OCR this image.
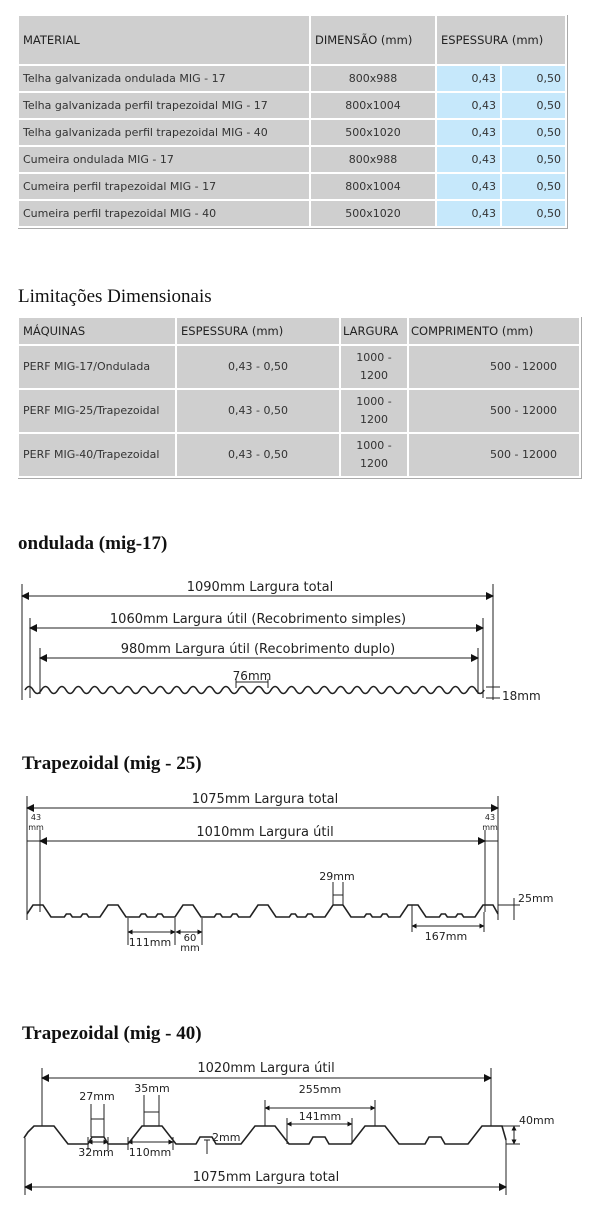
MATERIAL	DIMENSÃO (mm)	ESPESSURA (mm)	
Telha galvanizada ondulada MIG - 17	800x988	0,43	0,50
Telha galvanizada perfil trapezoidal MIG - 17	800x1004	0,43	0,50
Telha galvanizada perfil trapezoidal MIG - 40	500x1020	0,43	0,50
Cumeira ondulada MIG - 17	800x988	0,43	0,50
Cumeira perfil trapezoidal MIG - 17	800x1004	0,43	0,50
Cumeira perfil trapezoidal MIG - 40	500x1020	0,43	0,50
Limitações Dimensionais
MÁQUINAS	ESPESSURA (mm)	LARGURA	COMPRIMENTO (mm)
PERF MIG-17/Ondulada	0,43 - 0,50	1000 - 1200	500 - 12000
PERF MIG-25/Trapezoidal	0,43 - 0,50	1000 - 1200	500 - 12000
PERF MIG-40/Trapezoidal	0,43 - 0,50	1000 - 1200	500 - 12000
ondulada (mig-17)
Trapezoidal (mig - 25)
Trapezoidal (mig - 40)
1090mm Largura total
1060mm Largura útil (Recobrimento simples)
980mm Largura útil (Recobrimento duplo)
76mm
18mm
1075mm Largura total
1010mm Largura útil
43
mm
43
mm
29mm
25mm
111mm 60
mm
167mm
1020mm Largura útil
1075mm Largura total
27mm
35mm	255mm
141mm
2mm
32mm 110mm
40mm
